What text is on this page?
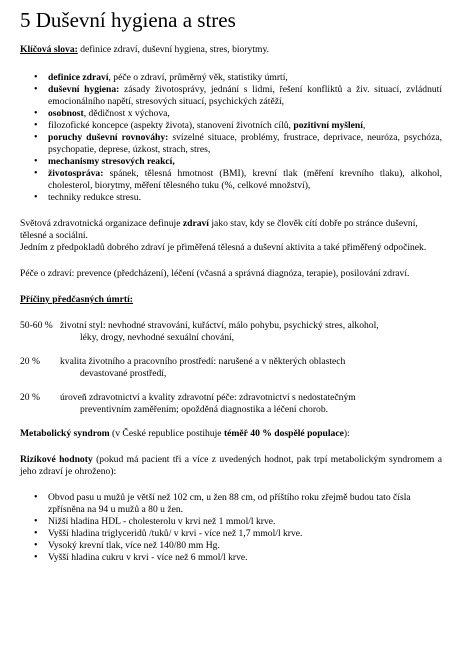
5 Duševní hygiena a stres

Klíčová slova: definice zdraví, duševní hygiena, stres, biorytmy.

• definice zdraví, péče o zdraví, průměrný věk, statistiky úmrtí,
• duševní hygiena: zásady životosprávy, jednání s lidmi, řešení konfliktů a živ. situací, zvládnutí emocionálního napětí, stresových situací, psychických zátěží,
• osobnost, dědičnost x výchova,
• filozofické koncepce (aspekty života), stanovení životních cílů, pozitivní myšlení,
• poruchy duševní rovnováhy: svízelné situace, problémy, frustrace, deprivace, neuróza, psychóza, psychopatie, deprese, úzkost, strach, stres,
• mechanismy stresových reakcí,
• životospráva: spánek, tělesná hmotnost (BMI), krevní tlak (měření krevního tlaku), alkohol, cholesterol, biorytmy, měření tělesného tuku (%, celkové množství),
• techniky redukce stresu.

Světová zdravotnická organizace definuje zdraví jako stav, kdy se člověk cítí dobře po stránce duševní, tělesné a sociální.

Jedním z předpokladů dobrého zdraví je přiměřená tělesná a duševní aktivita a také přiměřený odpočinek.

Péče o zdraví: prevence (předcházení), léčení (včasná a správná diagnóza, terapie), posilování zdraví.

Příčiny předčasných úmrtí:

50-60 % životní styl: nevhodné stravování, kuřáctví, málo pohybu, psychický stres, alkohol,
léky, drogy, nevhodné sexuální chování,
20 %	kvalita životního a pracovního prostředí: narušené a v některých oblastech
devastované prostředí,
20 %	úroveň zdravotnictví a kvality zdravotní péče: zdravotnictví s nedostatečným
preventivním zaměřením; opožděná diagnostika a léčení chorob.

Metabolický syndrom (v České republice postihuje téměř 40 % dospělé populace):

Rizikové hodnoty (pokud má pacient tři a více z uvedených hodnot, pak trpí metabolickým syndromem a jeho zdraví je ohroženo):

• Obvod pasu u mužů je větší než 102 cm, u žen 88 cm, od příštího roku zřejmě budou tato čísla zpřísněna na 94 u mužů a 80 u žen.
• Nižší hladina HDL - cholesterolu v krvi než 1 mmol/l krve.
• Vyšší hladina triglyceridů /tuků/ v krvi - více než 1,7 mmol/l krve.
• Vysoký krevní tlak, více než 140/80 mm Hg.
• Vyšší hladina cukru v krvi - více než 6 mmol/l krve.
